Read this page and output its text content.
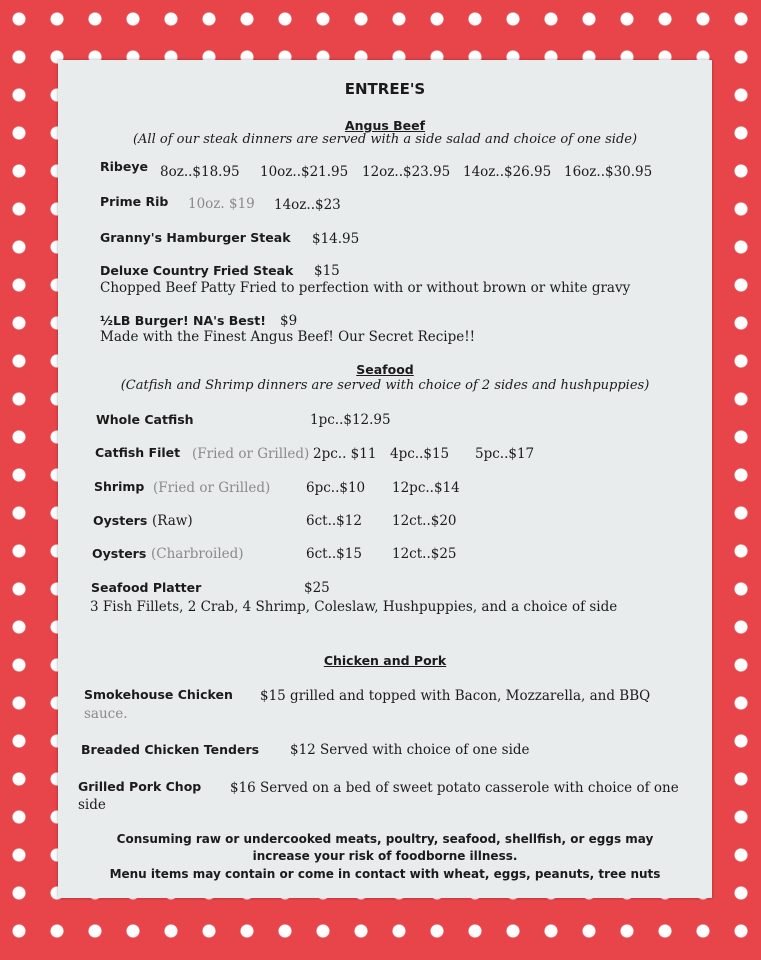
ENTREE'S
Angus Beef
(All of our steak dinners are served with a side salad and choice of one side)
Ribeye 8oz..$18.95 10oz..$21.95 12oz..$23.95 14oz..$26.95 16oz..$30.95
Prime Rib 10oz. $19 14oz..$23
Granny's Hamburger Steak $14.95
Deluxe Country Fried Steak $15
Chopped Beef Patty Fried to perfection with or without brown or white gravy
½LB Burger! NA's Best! $9
Made with the Finest Angus Beef! Our Secret Recipe!!
Seafood
(Catfish and Shrimp dinners are served with choice of 2 sides and hushpuppies)
Whole Catfish	1pc..$12.95
Catfish Filet (Fried or Grilled) 2pc.. $11 4pc..$15 5pc..$17
Shrimp (Fried or Grilled)	6pc..$10 12pc..$14
Oysters (Raw)	6ct..$12 12ct..$20
Oysters (Charbroiled)	6ct..$15 12ct..$25
Seafood Platter	$25
3 Fish Fillets, 2 Crab, 4 Shrimp, Coleslaw, Hushpuppies, and a choice of side
Chicken and Pork
Smokehouse Chicken $15 grilled and topped with Bacon, Mozzarella, and BBQ
sauce.
Breaded Chicken Tenders $12 Served with choice of one side
Grilled Pork Chop $16 Served on a bed of sweet potato casserole with choice of one
side
Consuming raw or undercooked meats, poultry, seafood, shellfish, or eggs may
increase your risk of foodborne illness.
Menu items may contain or come in contact with wheat, eggs, peanuts, tree nuts
